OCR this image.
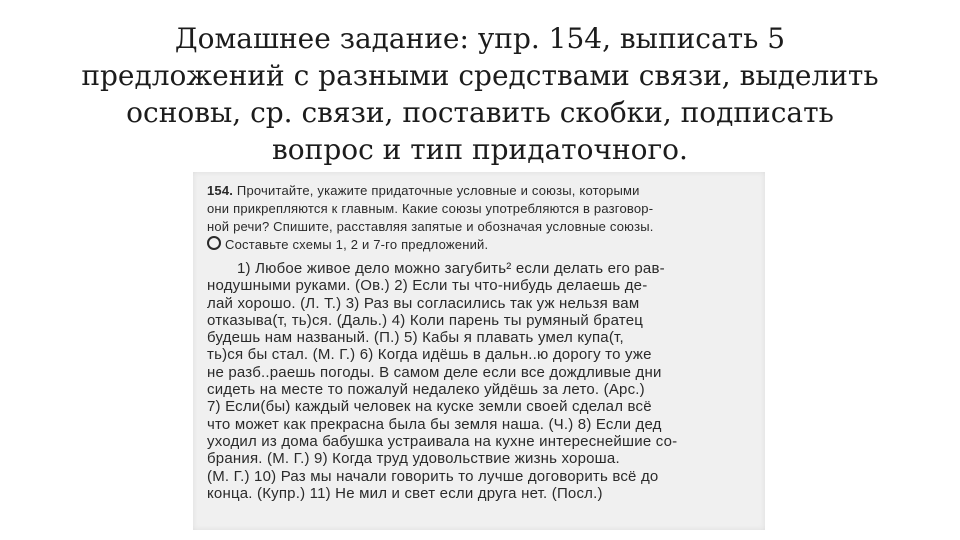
Домашнее задание: упр. 154, выписать 5
предложений с разными средствами связи, выделить
основы, ср. связи, поставить скобки, подписать
вопрос и тип придаточного.
154. Прочитайте, укажите придаточные условные и союзы, которыми
они прикрепляются к главным. Какие союзы употребляются в разговор-
ной речи? Спишите, расставляя запятые и обозначая условные союзы.
Составьте схемы 1, 2 и 7-го предложений.
1) Любое живое дело можно загубить² если делать его рав-
нодушными руками. (Ов.) 2) Если ты что-нибудь делаешь де-
лай хорошо. (Л. Т.) 3) Раз вы согласились так уж нельзя вам
отказыва(т, ть)ся. (Даль.) 4) Коли парень ты румяный братец
будешь нам названый. (П.) 5) Кабы я плавать умел купа(т,
ть)ся бы стал. (М. Г.) 6) Когда идёшь в дальн..ю дорогу то уже
не разб..раешь погоды. В самом деле если все дождливые дни
сидеть на месте то пожалуй недалеко уйдёшь за лето. (Арс.)
7) Если(бы) каждый человек на куске земли своей сделал всё
что может как прекрасна была бы земля наша. (Ч.) 8) Если дед
уходил из дома бабушка устраивала на кухне интереснейшие со-
брания. (М. Г.) 9) Когда труд удовольствие жизнь хороша.
(М. Г.) 10) Раз мы начали говорить то лучше договорить всё до
конца. (Купр.) 11) Не мил и свет если друга нет. (Посл.)
